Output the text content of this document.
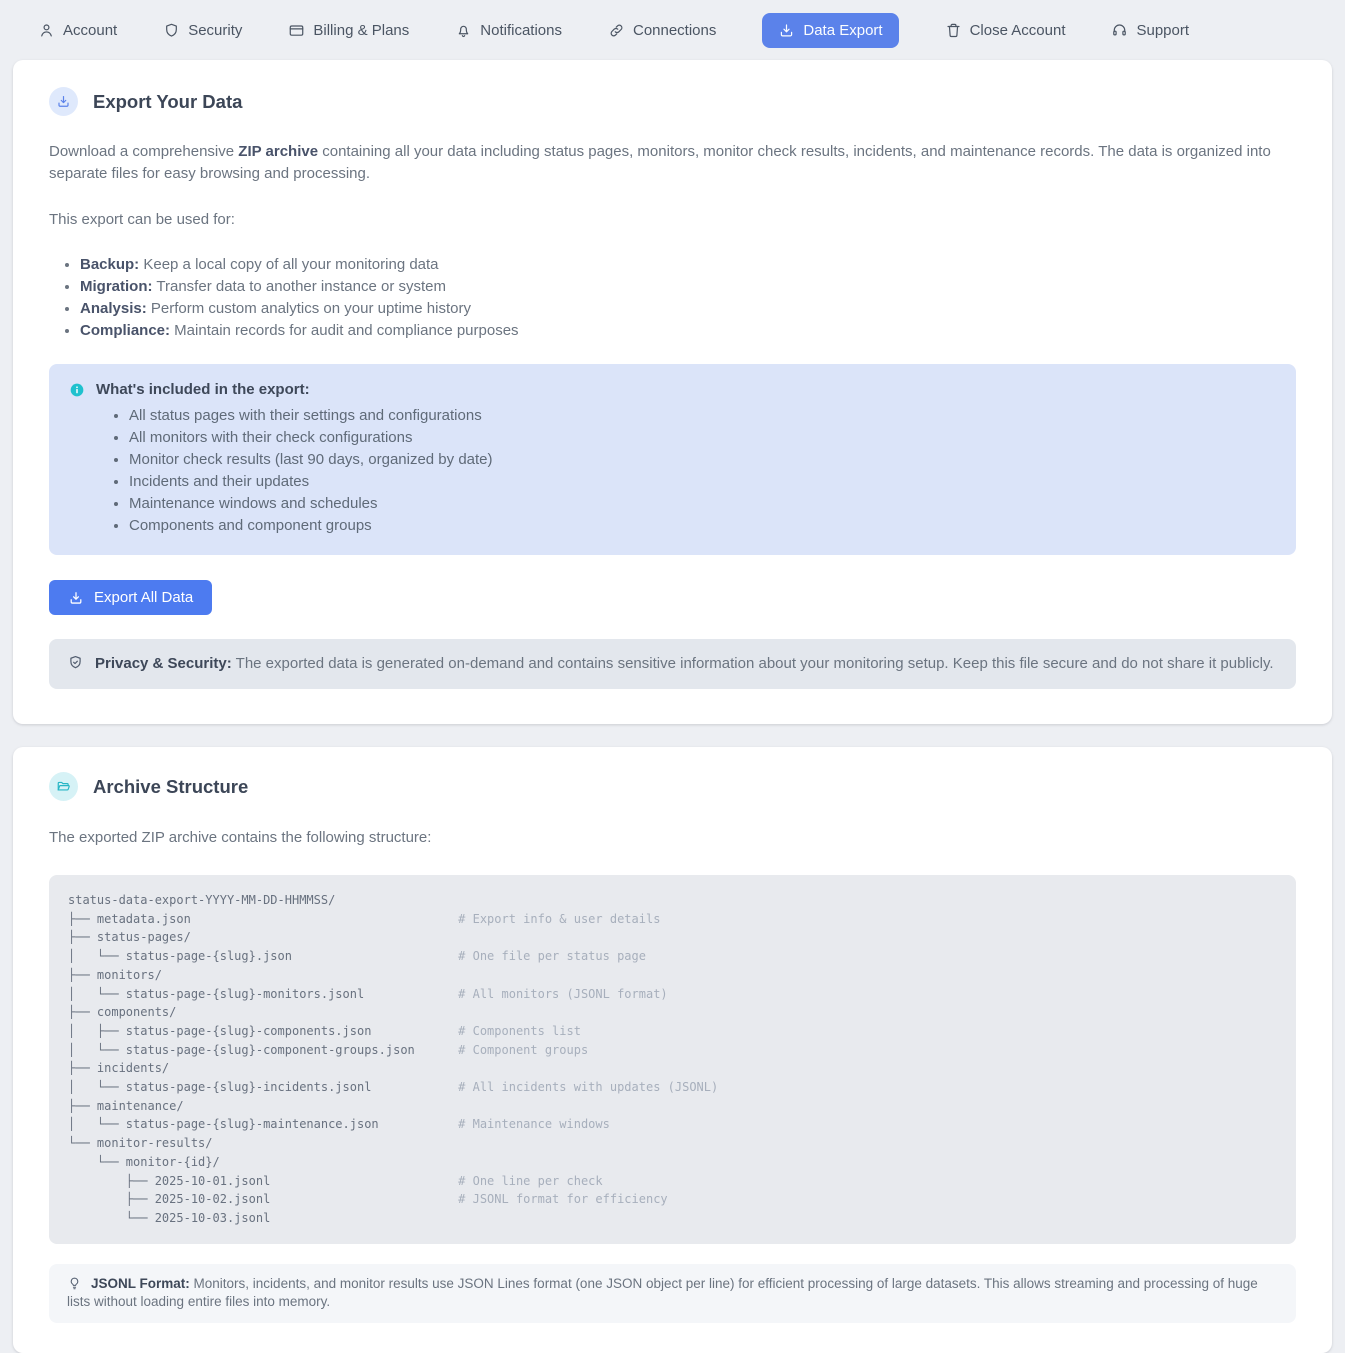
Account	Security	Billing & Plans	Notifications	Connections	Data Export	Close Account	Support
Export Your Data

Download a comprehensive ZIP archive containing all your data including status pages, monitors, monitor check results, incidents, and maintenance records. The data is organized into separate files for easy browsing and processing.

This export can be used for:

• Backup: Keep a local copy of all your monitoring data
• Migration: Transfer data to another instance or system
• Analysis: Perform custom analytics on your uptime history
• Compliance: Maintain records for audit and compliance purposes
What's included in the export:
• All status pages with their settings and configurations
• All monitors with their check configurations
• Monitor check results (last 90 days, organized by date)
• Incidents and their updates
• Maintenance windows and schedules
• Components and component groups
Export All Data
Privacy & Security: The exported data is generated on-demand and contains sensitive information about your monitoring setup. Keep this file secure and do not share it publicly.
Archive Structure

The exported ZIP archive contains the following structure:

status-data-export-YYYY-MM-DD-HHMMSS/
├── metadata.json                                     # Export info & user details
├── status-pages/
│   └── status-page-{slug}.json                       # One file per status page
├── monitors/
│   └── status-page-{slug}-monitors.jsonl             # All monitors (JSONL format)
├── components/
│   ├── status-page-{slug}-components.json            # Components list
│   └── status-page-{slug}-component-groups.json      # Component groups
├── incidents/
│   └── status-page-{slug}-incidents.jsonl            # All incidents with updates (JSONL)
├── maintenance/
│   └── status-page-{slug}-maintenance.json           # Maintenance windows
└── monitor-results/
└── monitor-{id}/
├── 2025-10-01.jsonl                          # One line per check
├── 2025-10-02.jsonl                          # JSONL format for efficiency
└── 2025-10-03.jsonl
JSONL Format: Monitors, incidents, and monitor results use JSON Lines format (one JSON object per line) for efficient processing of large datasets. This allows streaming and processing of huge lists without loading entire files into memory.
